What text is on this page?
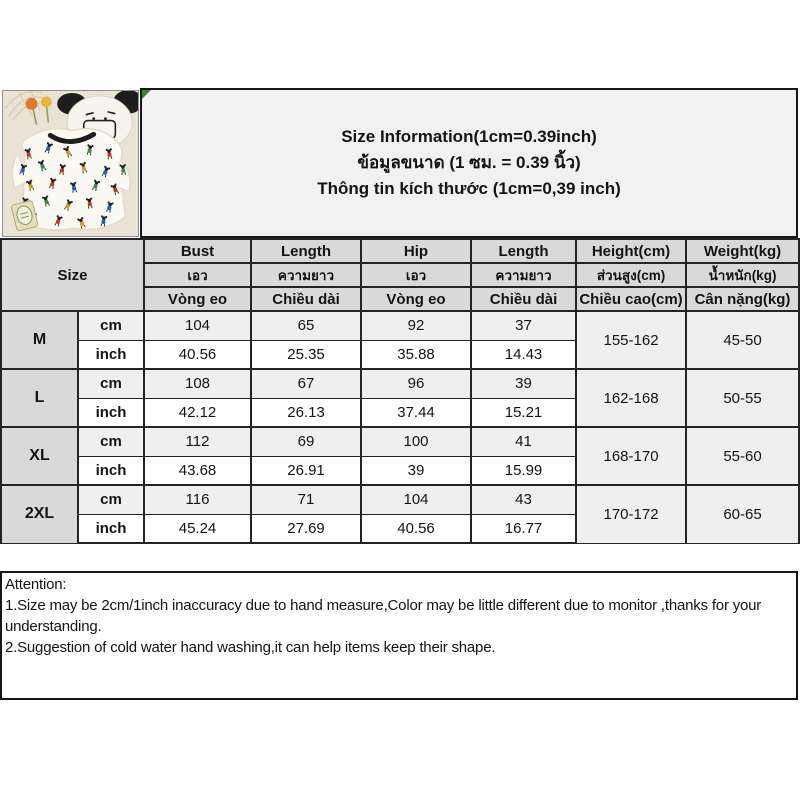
Size Information(1cm=0.39inch)
ข้อมูลขนาด (1 ซม. = 0.39 นิ้ว)
Thông tin kích thước (1cm=0,39 inch)
Size		Bust	Length	Hip	Length	Height(cm)	Weight(kg)
		เอว	ความยาว	เอว	ความยาว	ส่วนสูง(cm)	น้ำหนัก(kg)
		Vòng eo	Chiều dài	Vòng eo	Chiều dài	Chiều cao(cm)	Cân nặng(kg)
M	cm	104	65	92	37	155-162	45-50
	inch	40.56	25.35	35.88	14.43		
L	cm	108	67	96	39	162-168	50-55
	inch	42.12	26.13	37.44	15.21		
XL	cm	112	69	100	41	168-170	55-60
	inch	43.68	26.91	39	15.99		
2XL	cm	116	71	104	43	170-172	60-65
	inch	45.24	27.69	40.56	16.77		
Attention:
1.Size may be 2cm/1inch inaccuracy due to hand measure,Color may be little different due to monitor ,thanks for your understanding.
2.Suggestion of cold water hand washing,it can help items keep their shape.
